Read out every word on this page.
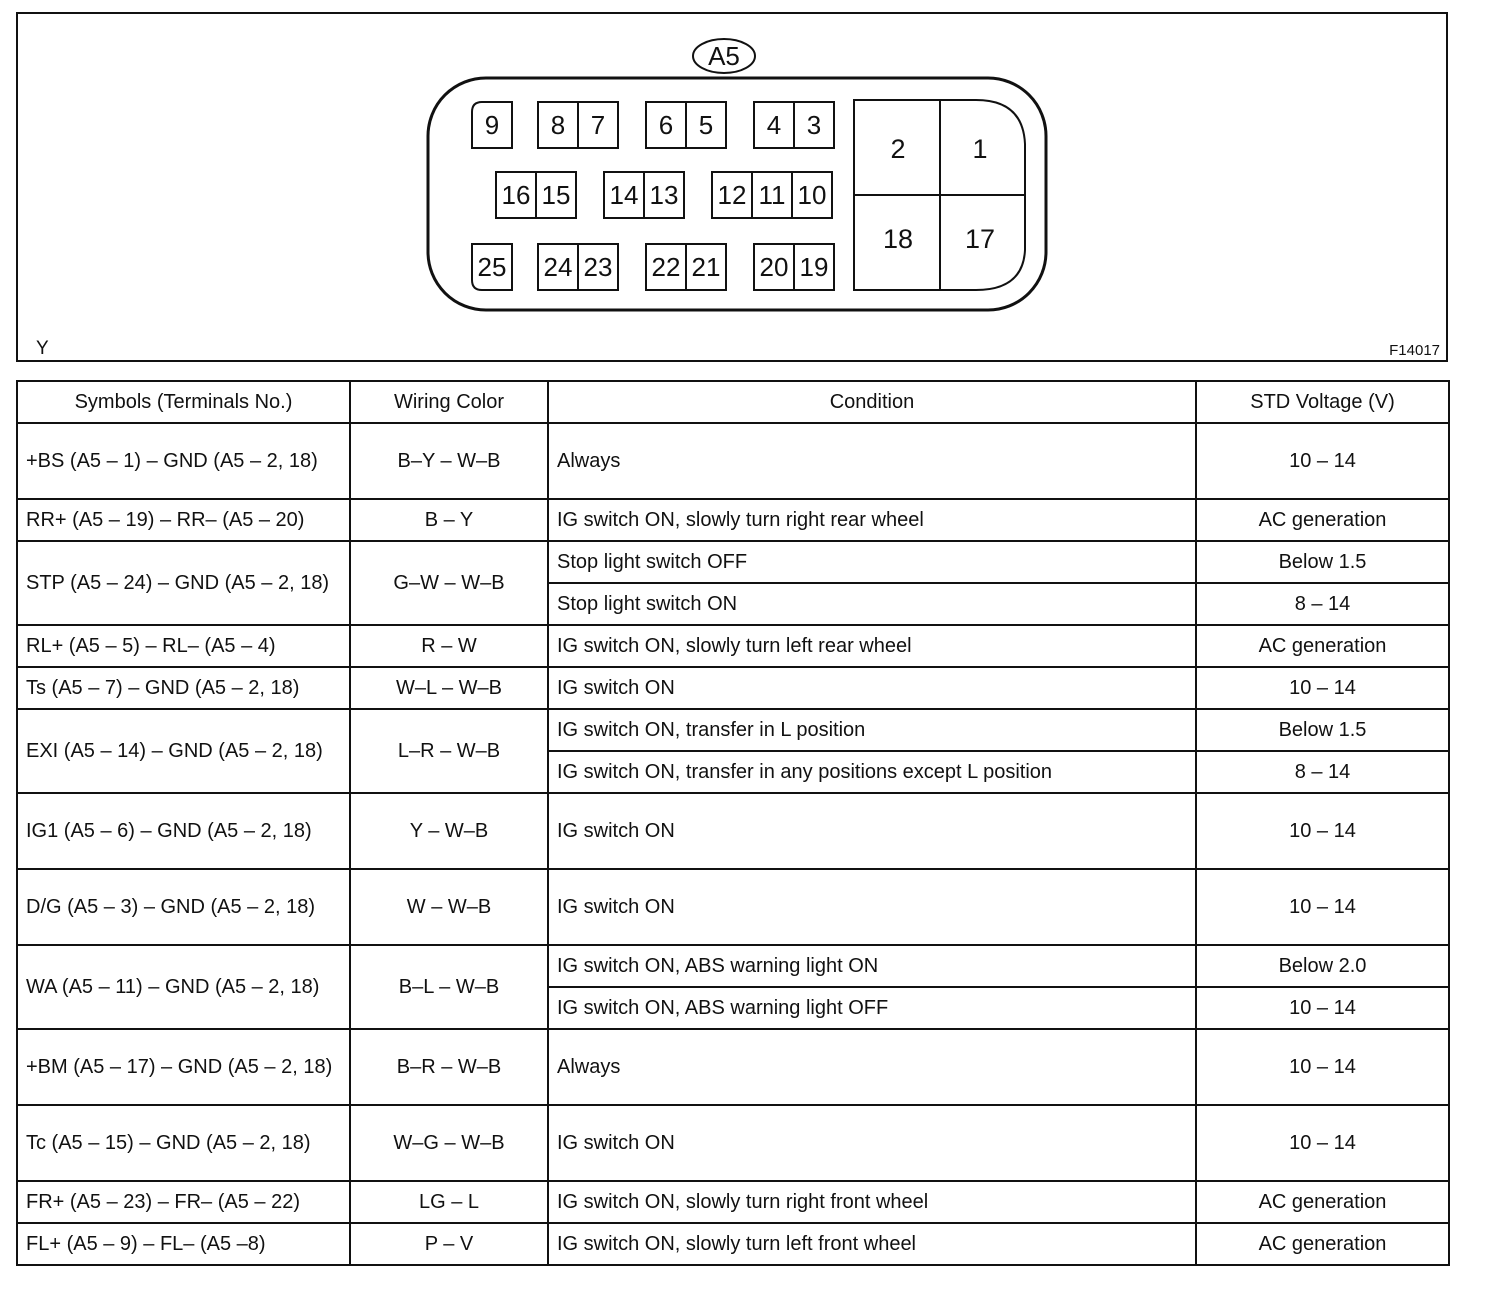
A5
9 8 7 6 5 4 3
16 15 14 13 12 11 10
25 24 23 22 21 20 19
2 1
18 17
Y	F14017
Symbols (Terminals No.)	Wiring Color	Condition	STD Voltage (V)
+BS (A5 – 1) – GND (A5 – 2, 18)	B–Y – W–B	Always	10 – 14
RR+ (A5 – 19) – RR– (A5 – 20)	B – Y	IG switch ON, slowly turn right rear wheel	AC generation
STP (A5 – 24) – GND (A5 – 2, 18)	G–W – W–B	Stop light switch OFF	Below 1.5
		Stop light switch ON	8 – 14
RL+ (A5 – 5) – RL– (A5 – 4)	R – W	IG switch ON, slowly turn left rear wheel	AC generation
Ts (A5 – 7) – GND (A5 – 2, 18)	W–L – W–B	IG switch ON	10 – 14
EXI (A5 – 14) – GND (A5 – 2, 18)	L–R – W–B	IG switch ON, transfer in L position	Below 1.5
		IG switch ON, transfer in any positions except L position	8 – 14
IG1 (A5 – 6) – GND (A5 – 2, 18)	Y – W–B	IG switch ON	10 – 14
D/G (A5 – 3) – GND (A5 – 2, 18)	W – W–B	IG switch ON	10 – 14
WA (A5 – 11) – GND (A5 – 2, 18)	B–L – W–B	IG switch ON, ABS warning light ON	Below 2.0
		IG switch ON, ABS warning light OFF	10 – 14
+BM (A5 – 17) – GND (A5 – 2, 18)	B–R – W–B	Always	10 – 14
Tc (A5 – 15) – GND (A5 – 2, 18)	W–G – W–B	IG switch ON	10 – 14
FR+ (A5 – 23) – FR– (A5 – 22)	LG – L	IG switch ON, slowly turn right front wheel	AC generation
FL+ (A5 – 9) – FL– (A5 –8)	P – V	IG switch ON, slowly turn left front wheel	AC generation
